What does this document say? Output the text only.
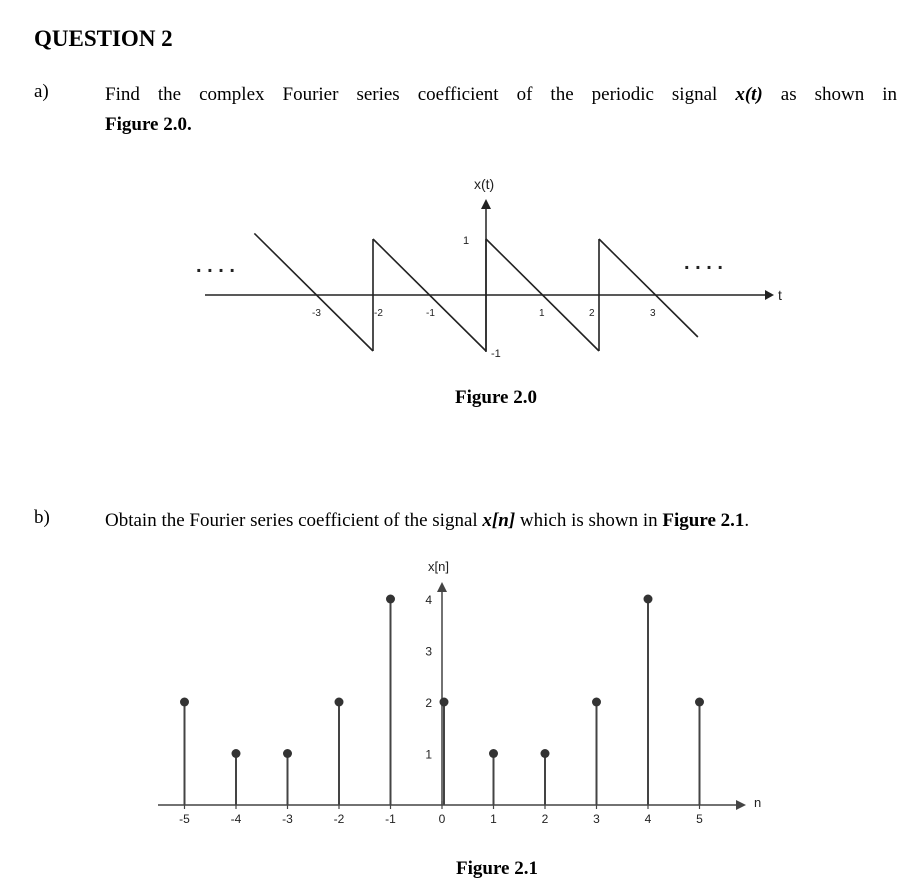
QUESTION 2
a)	Find the complex Fourier series coefficient of the periodic signal x(t) as shown in
Figure 2.0.
b)	Obtain the Fourier series coefficient of the signal x[n] which is shown in Figure 2.1.
Figure 2.0
Figure 2.1
x(t)
t
. . . .	. . . .
1
-1
-3	-2	-1	1	2	3
x[n]
n
-5	-4	-3	-2	-1	0	1	2	3	4	5
1
2
3
4
